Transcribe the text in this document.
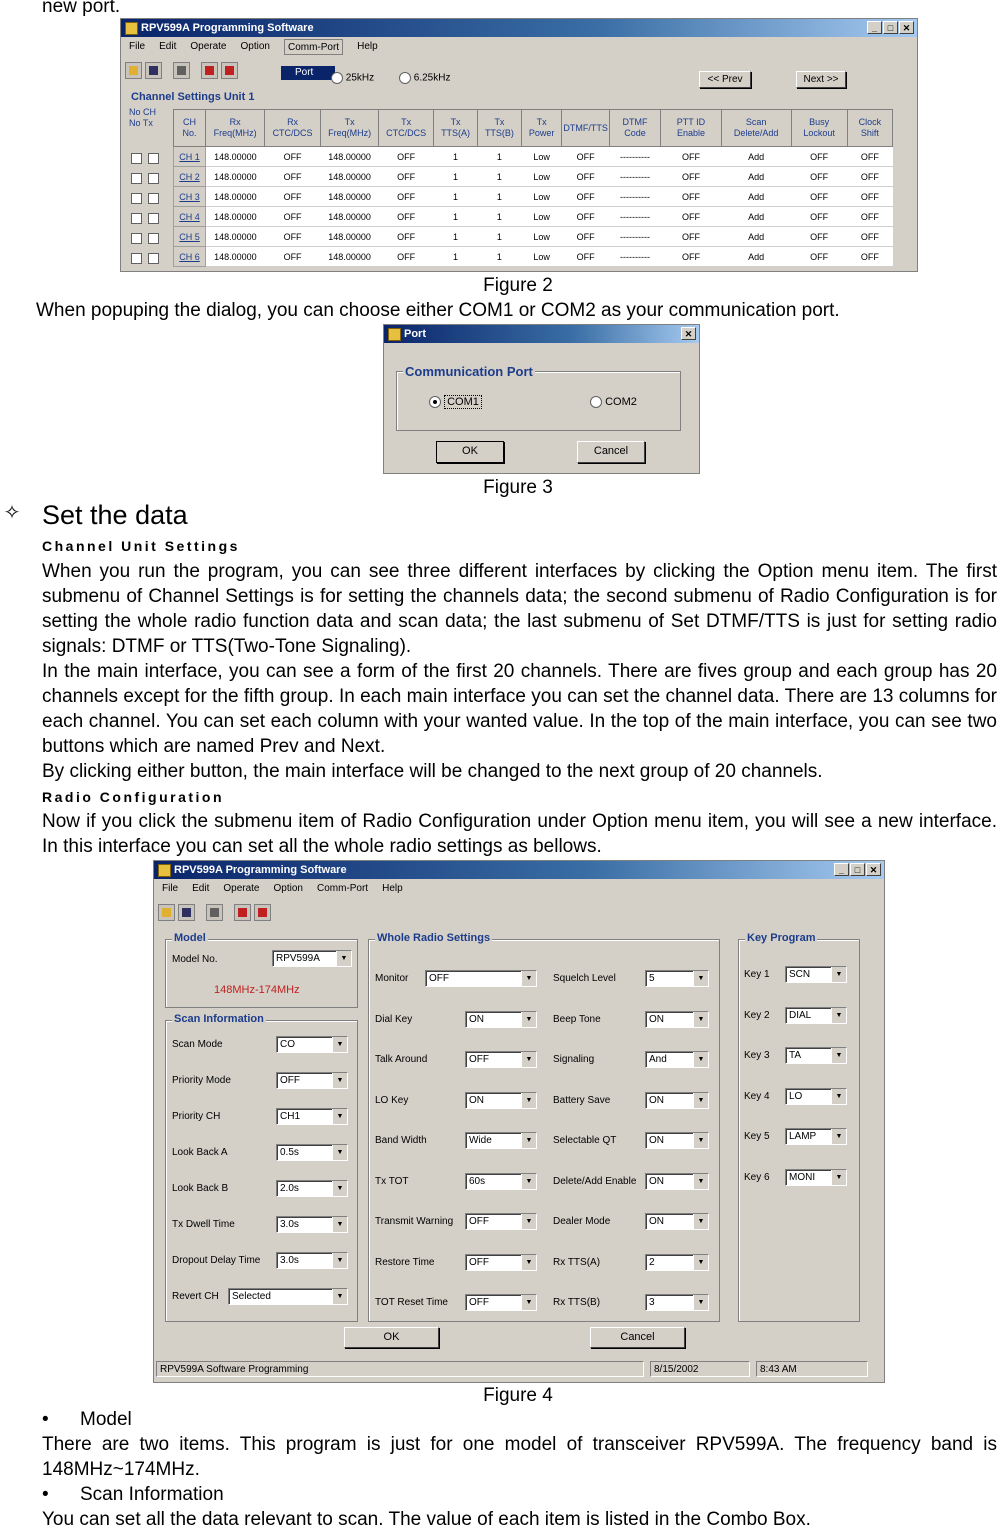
new port.
RPV599A Programming Software	_	□	✕
File Edit Operate Option	Comm-Port	Help
Port
25kHz	6.25kHz	<< Prev	Next >>
Channel Settings Unit 1
No CH No Tx	CH No.	Rx Freq(MHz)	Rx CTC/DCS	Tx Freq(MHz)	Tx CTC/DCS	Tx TTS(A)	Tx TTS(B)	Tx Power	DTMF/TTS	DTMF Code	PTT ID Enable	Scan Delete/Add	Busy Lockout	Clock Shift
CH 1	148.00000	OFF	148.00000	OFF	1	1	Low	OFF	----------	OFF	Add	OFF	OFF
CH 2	148.00000	OFF	148.00000	OFF	1	1	Low	OFF	----------	OFF	Add	OFF	OFF
CH 3	148.00000	OFF	148.00000	OFF	1	1	Low	OFF	----------	OFF	Add	OFF	OFF
CH 4	148.00000	OFF	148.00000	OFF	1	1	Low	OFF	----------	OFF	Add	OFF	OFF
CH 5	148.00000	OFF	148.00000	OFF	1	1	Low	OFF	----------	OFF	Add	OFF	OFF
CH 6	148.00000	OFF	148.00000	OFF	1	1	Low	OFF	----------	OFF	Add	OFF	OFF
Figure 2
When popuping the dialog, you can choose either COM1 or COM2 as your communication port.
Port	✕
Communication Port
COM1	COM2
OK	Cancel
Figure 3
✧ Set the data
Channel Unit Settings
When you run the program, you can see three different interfaces by clicking the Option menu item. The first submenu of Channel Settings is for setting the channels data; the second submenu of Radio Configuration is for setting the whole radio function data and scan data; the last submenu of Set DTMF/TTS is just for setting radio signals: DTMF or TTS(Two-Tone Signaling).
In the main interface, you can see a form of the first 20 channels. There are fives group and each group has 20 channels except for the fifth group. In each main interface you can set the channel data. There are 13 columns for each channel. You can set each column with your wanted value. In the top of the main interface, you can see two buttons which are named Prev and Next.
By clicking either button, the main interface will be changed to the next group of 20 channels.
Radio Configuration
Now if you click the submenu item of Radio Configuration under Option menu item, you will see a new interface. In this interface you can set all the whole radio settings as bellows.
RPV599A Programming Software	_	□	✕
File Edit Operate Option Comm-Port Help
Model
Model No.	RPV599A	▼
148MHz-174MHz
Scan Information
Scan Mode	CO	▼
Priority Mode	OFF	▼
Priority CH	CH1	▼
Look Back A	0.5s	▼
Look Back B	2.0s	▼
Tx Dwell Time	3.0s	▼
Dropout Delay Time	3.0s	▼
Revert CH	Selected	▼
Whole Radio Settings
Monitor	OFF	▼
Dial Key	ON	▼
Talk Around	OFF	▼
LO Key	ON	▼
Band Width	Wide	▼
Tx TOT	60s	▼
Transmit Warning	OFF	▼
Restore Time	OFF	▼
TOT Reset Time	OFF	▼
Squelch Level	5	▼
Beep Tone	ON	▼
Signaling	And	▼
Battery Save	ON	▼
Selectable QT	ON	▼
Delete/Add Enable	ON	▼
Dealer Mode	ON	▼
Rx TTS(A)	2	▼
Rx TTS(B)	3	▼
Key Program
Key 1	SCN	▼
Key 2	DIAL	▼
Key 3	TA	▼
Key 4	LO	▼
Key 5	LAMP	▼
Key 6	MONI	▼
OK	Cancel
RPV599A Software Programming	8/15/2002	8:43 AM
Figure 4
• Model
There are two items. This program is just for one model of transceiver RPV599A. The frequency band is 148MHz~174MHz.
• Scan Information
You can set all the data relevant to scan. The value of each item is listed in the Combo Box.
